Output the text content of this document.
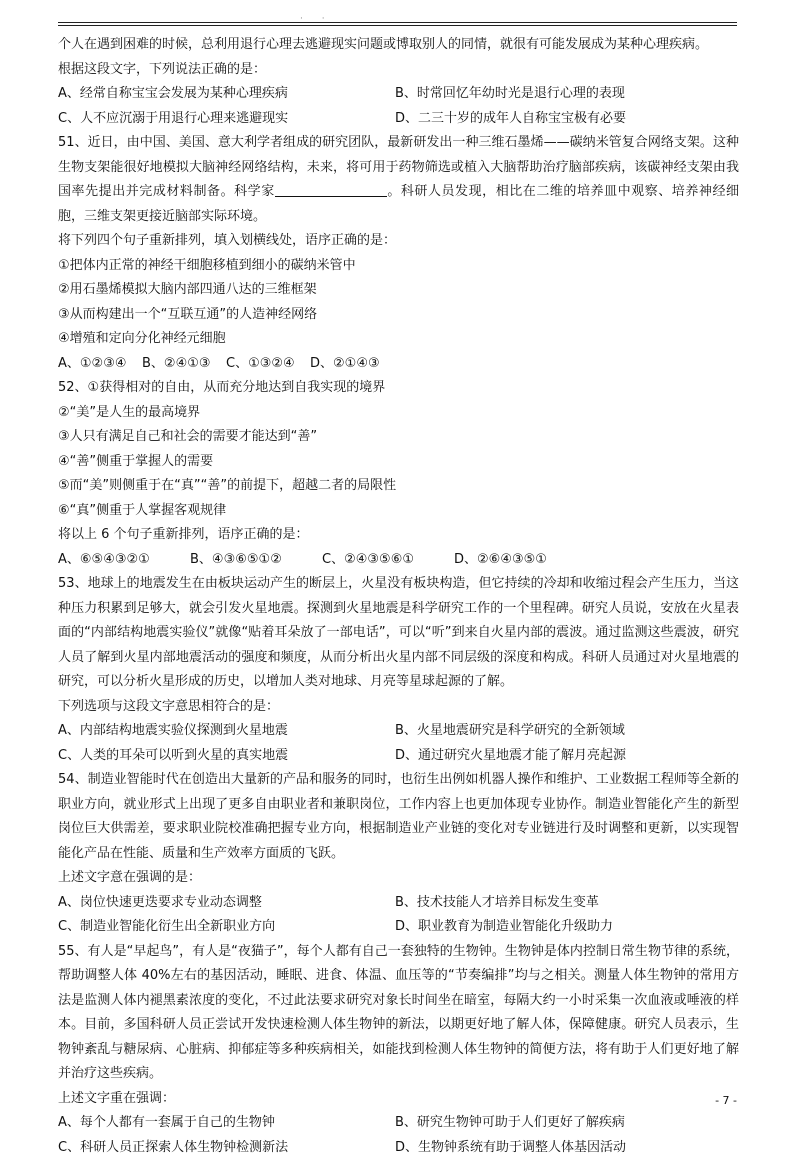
· ·
个人在遇到困难的时候，总利用退行心理去逃避现实问题或博取别人的同情，就很有可能发展成为某种心理疾病。
根据这段文字，下列说法正确的是：
A、经常自称宝宝会发展为某种心理疾病	B、时常回忆年幼时光是退行心理的表现
C、人不应沉溺于用退行心理来逃避现实	D、二三十岁的成年人自称宝宝极有必要
51、近日，由中国、美国、意大利学者组成的研究团队，最新研发出一种三维石墨烯——碳纳米管复合网络支架。这种生物支架能很好地模拟大脑神经网络结构，未来，将可用于药物筛选或植入大脑帮助治疗脑部疾病，该碳神经支架由我国率先提出并完成材料制备。科学家	。科研人员发现，相比在二维的培养皿中观察、培养神经细胞，三维支架更接近脑部实际环境。
将下列四个句子重新排列，填入划横线处，语序正确的是：
①把体内正常的神经干细胞移植到细小的碳纳米管中
②用石墨烯模拟大脑内部四通八达的三维框架
③从而构建出一个“互联互通”的人造神经网络
④增殖和定向分化神经元细胞
A、①②③④	B、②④①③	C、①③②④	D、②①④③
52、①获得相对的自由，从而充分地达到自我实现的境界
②“美”是人生的最高境界
③人只有满足自己和社会的需要才能达到“善”
④“善”侧重于掌握人的需要
⑤而“美”则侧重于在“真”“善”的前提下，超越二者的局限性
⑥“真”侧重于人掌握客观规律
将以上 6 个句子重新排列，语序正确的是：
A、⑥⑤④③②①	B、④③⑥⑤①②	C、②④③⑤⑥①	D、②⑥④③⑤①
53、地球上的地震发生在由板块运动产生的断层上，火星没有板块构造，但它持续的冷却和收缩过程会产生压力，当这种压力积累到足够大，就会引发火星地震。探测到火星地震是科学研究工作的一个里程碑。研究人员说，安放在火星表面的“内部结构地震实验仪”就像“贴着耳朵放了一部电话”，可以“听”到来自火星内部的震波。通过监测这些震波，研究人员了解到火星内部地震活动的强度和频度，从而分析出火星内部不同层级的深度和构成。科研人员通过对火星地震的研究，可以分析火星形成的历史，以增加人类对地球、月亮等星球起源的了解。
下列选项与这段文字意思相符合的是：
A、内部结构地震实验仪探测到火星地震	B、火星地震研究是科学研究的全新领域
C、人类的耳朵可以听到火星的真实地震	D、通过研究火星地震才能了解月亮起源
54、制造业智能时代在创造出大量新的产品和服务的同时，也衍生出例如机器人操作和维护、工业数据工程师等全新的职业方向，就业形式上出现了更多自由职业者和兼职岗位，工作内容上也更加体现专业协作。制造业智能化产生的新型岗位巨大供需差，要求职业院校准确把握专业方向，根据制造业产业链的变化对专业链进行及时调整和更新，以实现智能化产品在性能、质量和生产效率方面质的飞跃。
上述文字意在强调的是：
A、岗位快速更迭要求专业动态调整	B、技术技能人才培养目标发生变革
C、制造业智能化衍生出全新职业方向	D、职业教育为制造业智能化升级助力
55、有人是“早起鸟”，有人是“夜猫子”，每个人都有自己一套独特的生物钟。生物钟是体内控制日常生物节律的系统，帮助调整人体 40%左右的基因活动，睡眠、进食、体温、血压等的“节奏编排”均与之相关。测量人体生物钟的常用方法是监测人体内褪黑素浓度的变化，不过此法要求研究对象长时间坐在暗室，每隔大约一小时采集一次血液或唾液的样本。目前，多国科研人员正尝试开发快速检测人体生物钟的新法，以期更好地了解人体，保障健康。研究人员表示，生物钟紊乱与糖尿病、心脏病、抑郁症等多种疾病相关，如能找到检测人体生物钟的简便方法，将有助于人们更好地了解并治疗这些疾病。
上述文字重在强调：
A、每个人都有一套属于自己的生物钟	B、研究生物钟可助于人们更好了解疾病
C、科研人员正探索人体生物钟检测新法	D、生物钟系统有助于调整人体基因活动
- 7 -
